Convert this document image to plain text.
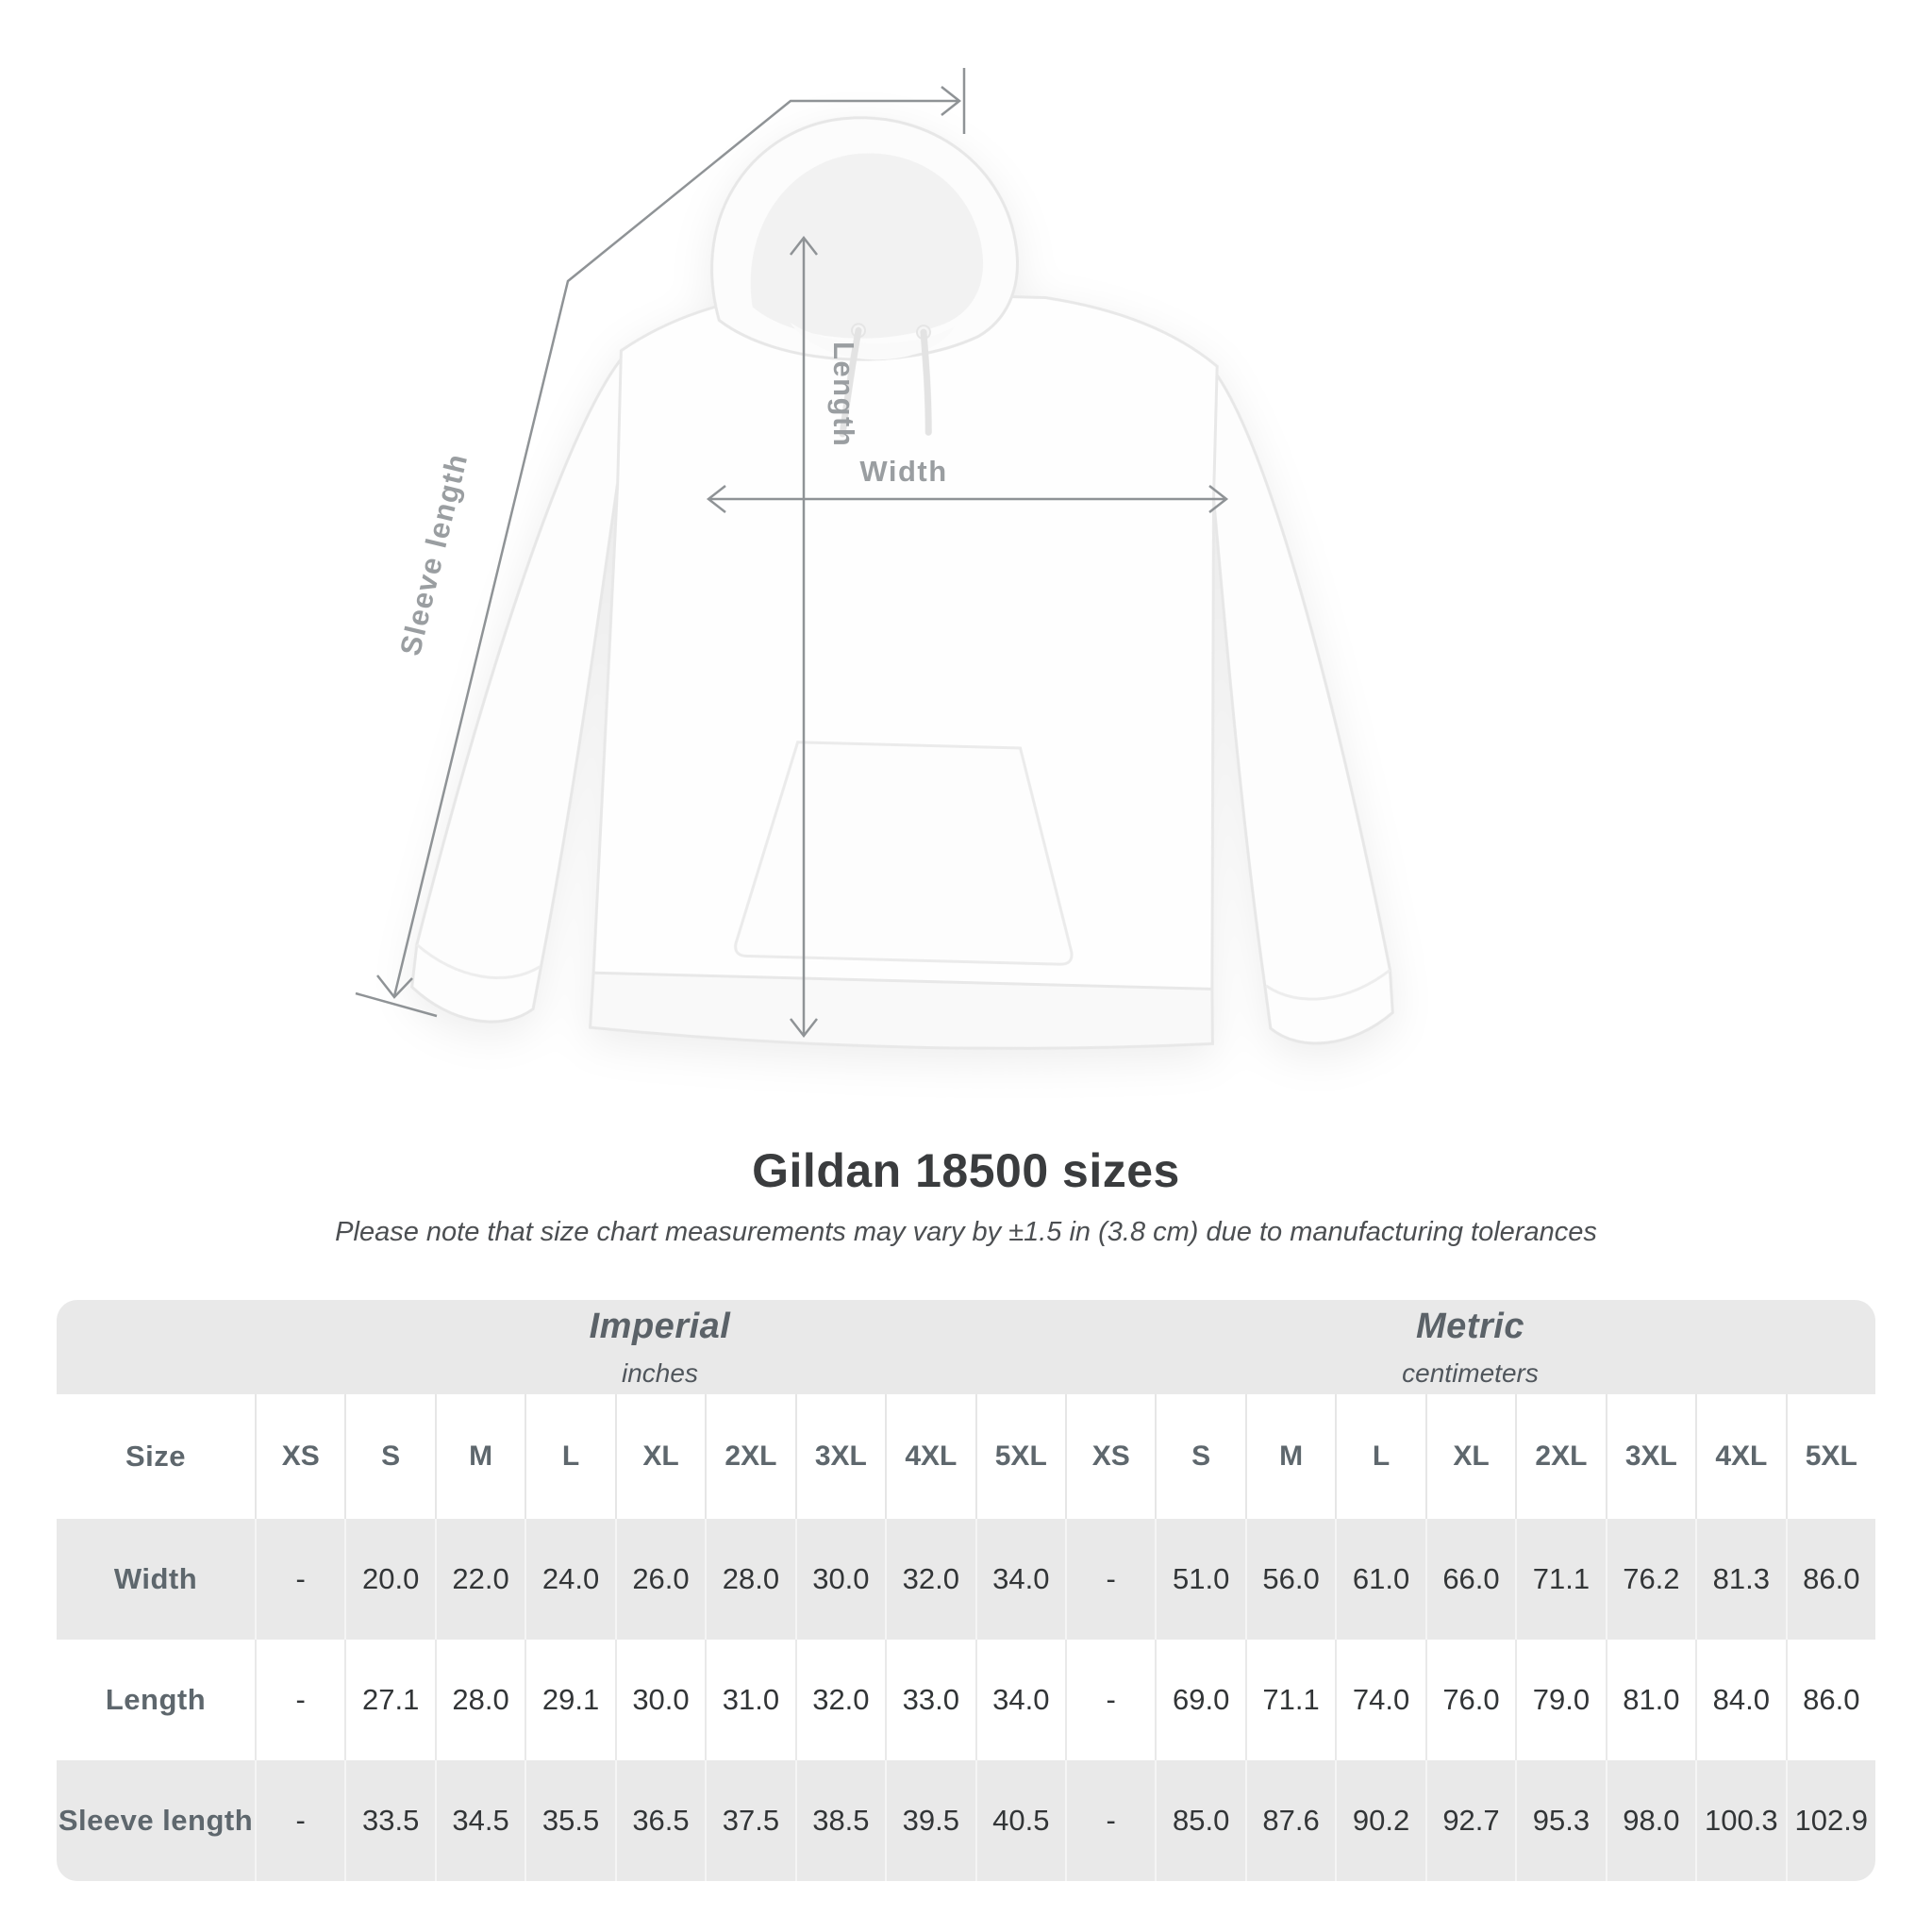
Sleeve length
Length
Width
Gildan 18500 sizes

Please note that size chart measurements may vary by ±1.5 in (3.8 cm) due to manufacturing tolerances

Imperial
inches
Metric
centimeters
Size	XS	S	M	L	XL	2XL	3XL	4XL	5XL	XS	S	M	L	XL	2XL	3XL	4XL	5XL
Width	-	20.0	22.0	24.0	26.0	28.0	30.0	32.0	34.0	-	51.0	56.0	61.0	66.0	71.1	76.2	81.3	86.0
Length	-	27.1	28.0	29.1	30.0	31.0	32.0	33.0	34.0	-	69.0	71.1	74.0	76.0	79.0	81.0	84.0	86.0
Sleeve length	-	33.5	34.5	35.5	36.5	37.5	38.5	39.5	40.5	-	85.0	87.6	90.2	92.7	95.3	98.0 100.3 102.9
